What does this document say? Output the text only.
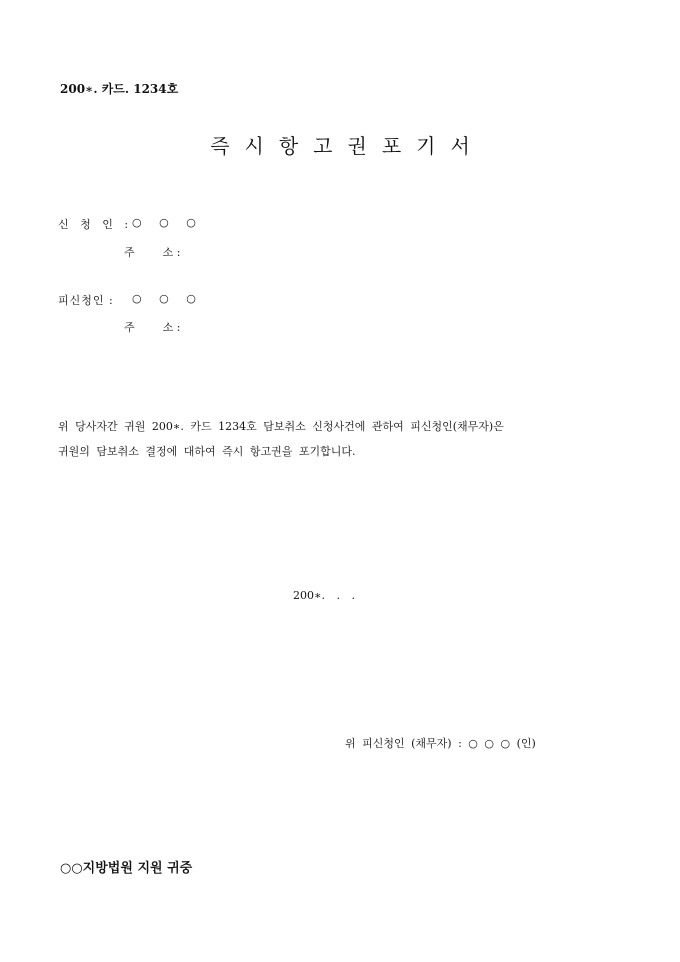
200∗. 카드. 1234호
즉시항고권포기서
신 청 인 : ○ ○ ○
주	소 :
피신청인 : ○ ○ ○
주	소 :
위 당사자간 귀원 200∗. 카드 1234호 담보취소 신청사건에 관하여 피신청인(채무자)은
귀원의 담보취소 결정에 대하여 즉시 항고권을 포기합니다.
200∗. . .
위 피신청인 (채무자) : ○ ○ ○ (인)
○○지방법원 지원 귀중
